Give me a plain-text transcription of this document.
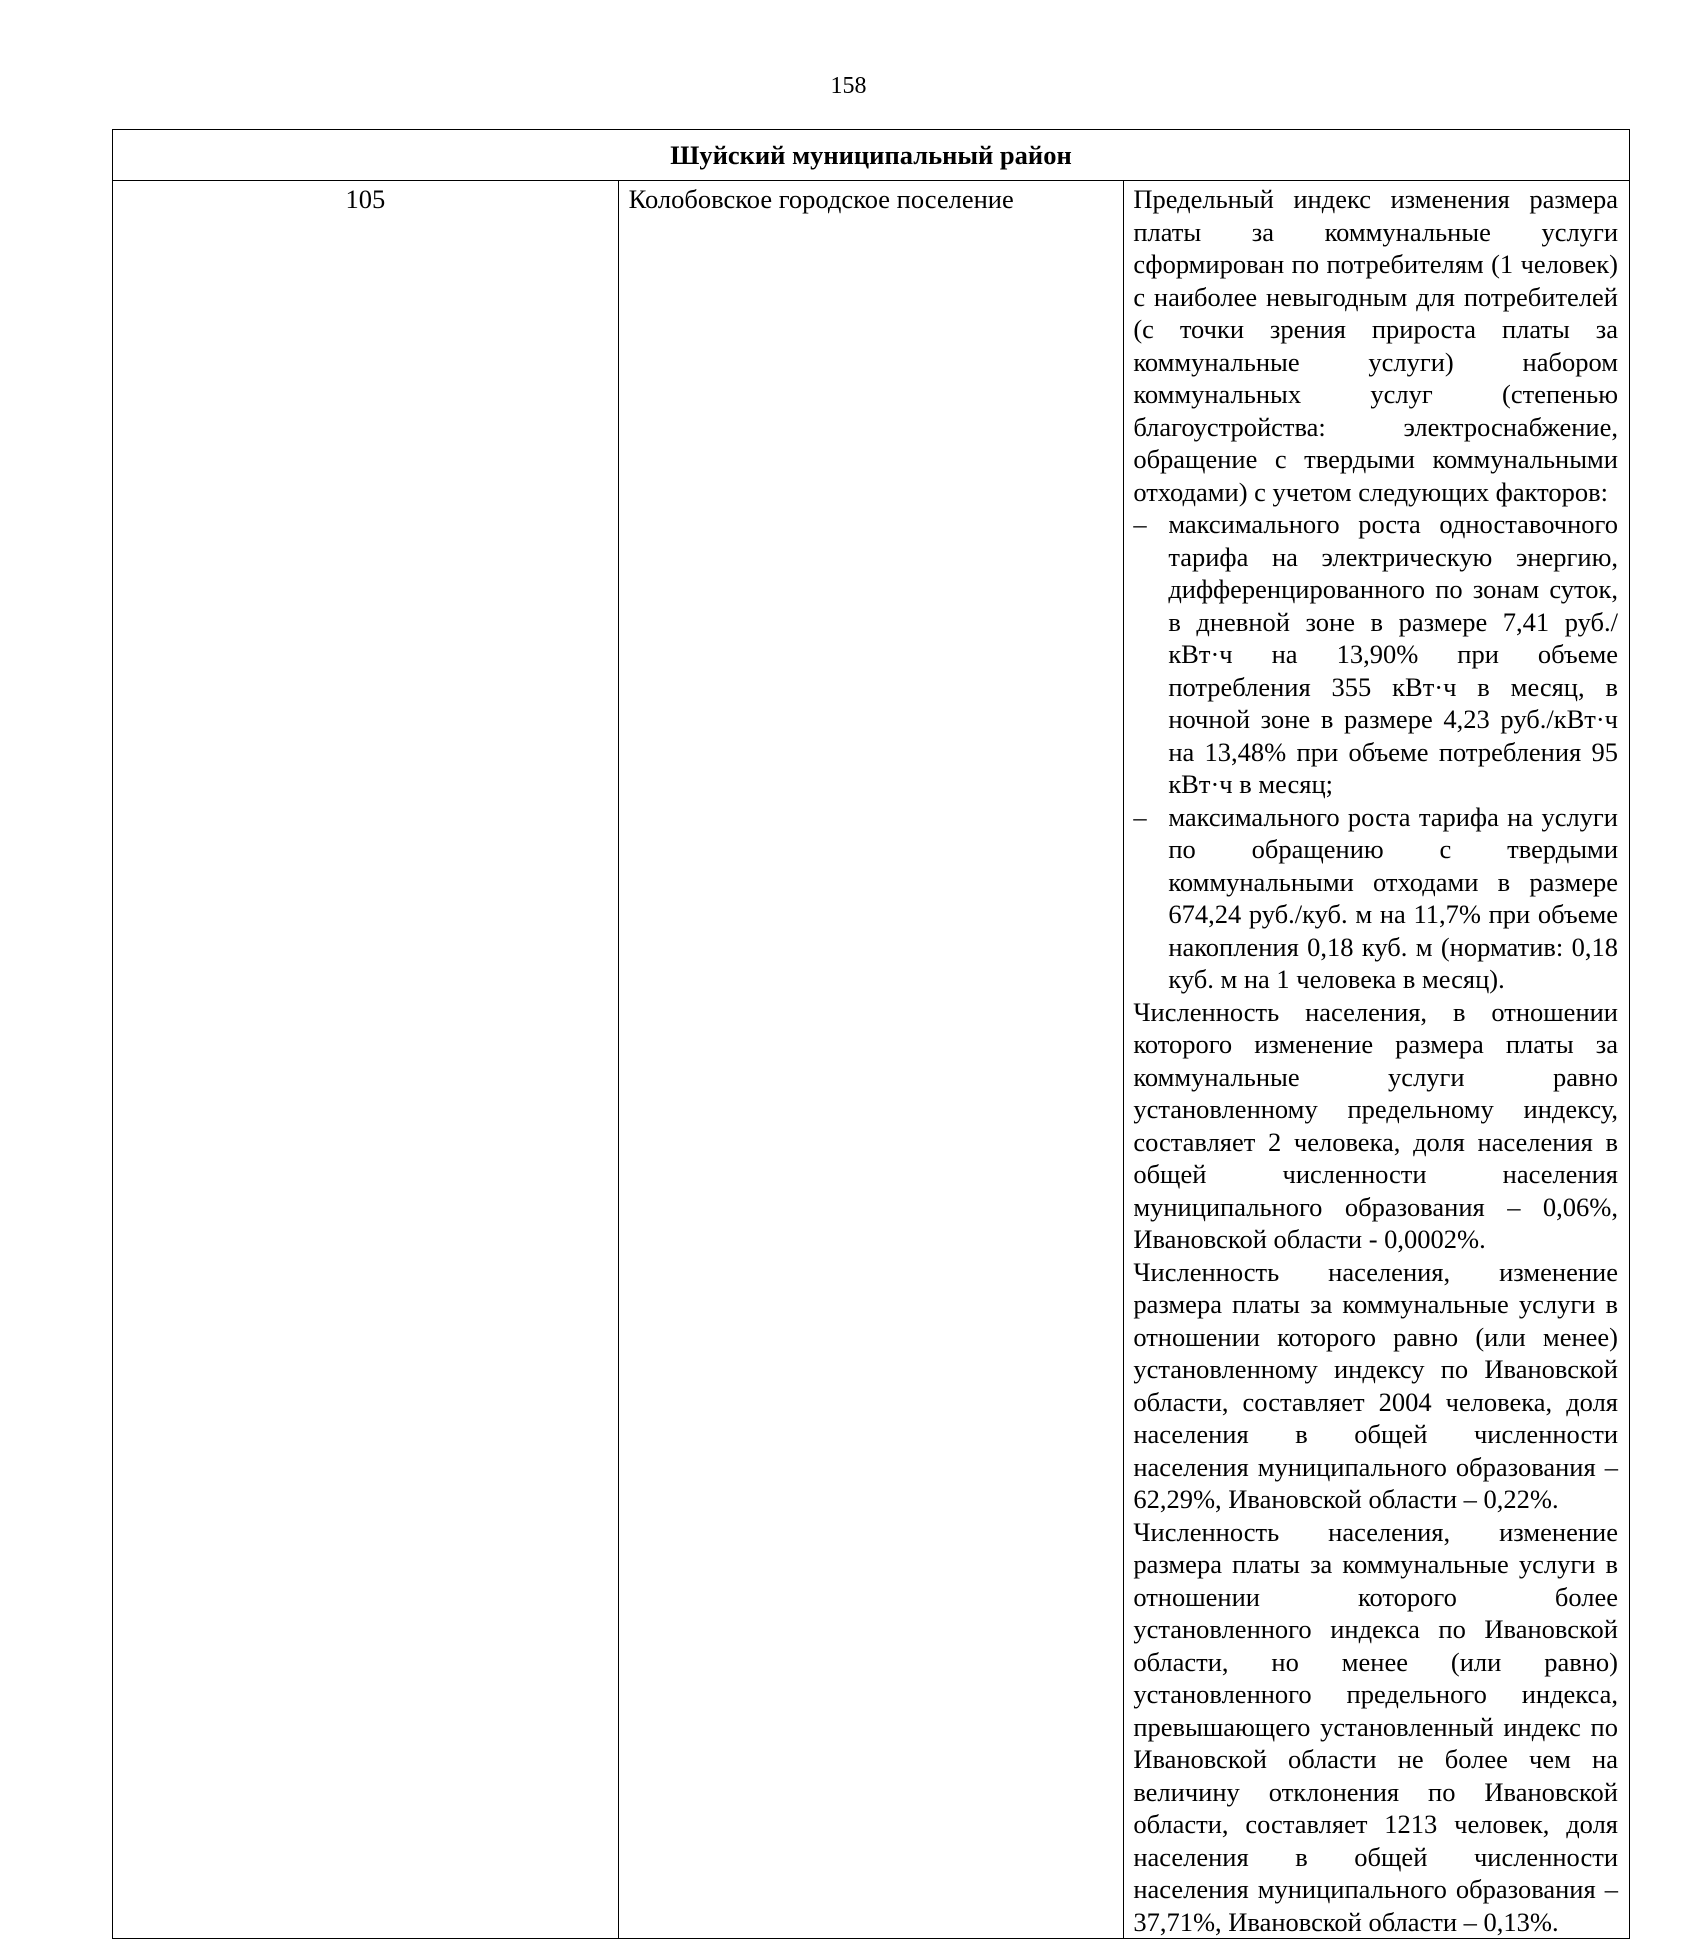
158
Шуйский муниципальный район
105	Колобовское городское поселение	Предельный индекс изменения размера платы за коммунальные услуги сформирован по потребителям (1 человек) с наиболее невыгодным для потребителей (с точки зрения прироста платы за коммунальные услуги) набором коммунальных услуг (степенью благоустройства: электроснабжение, обращение с твердыми коммунальными отходами) с учетом следующих факторов:

– максимального роста одноставочного тарифа на электрическую энергию, дифференцированного по зонам суток, в дневной зоне в размере 7,41 руб./кВт·ч на 13,90% при объеме потребления 355 кВт·ч в месяц, в ночной зоне в размере 4,23 руб./кВт·ч на 13,48% при объеме потребления 95 кВт·ч в месяц;
– максимального роста тарифа на услуги по обращению с твердыми коммунальными отходами в размере 674,24 руб./куб. м на 11,7% при объеме накопления 0,18 куб. м (норматив: 0,18 куб. м на 1 человека в месяц).

Численность населения, в отношении которого изменение размера платы за коммунальные услуги равно установленному предельному индексу, составляет 2 человека, доля населения в общей численности населения муниципального образования – 0,06%, Ивановской области - 0,0002%.

Численность населения, изменение размера платы за коммунальные услуги в отношении которого равно (или менее) установленному индексу по Ивановской области, составляет 2004 человека, доля населения в общей численности населения муниципального образования – 62,29%, Ивановской области – 0,22%.

Численность населения, изменение размера платы за коммунальные услуги в отношении которого более установленного индекса по Ивановской области, но менее (или равно) установленного предельного индекса, превышающего установленный индекс по Ивановской области не более чем на величину отклонения по Ивановской области, составляет 1213 человек, доля населения в общей численности населения муниципального образования – 37,71%, Ивановской области – 0,13%.
